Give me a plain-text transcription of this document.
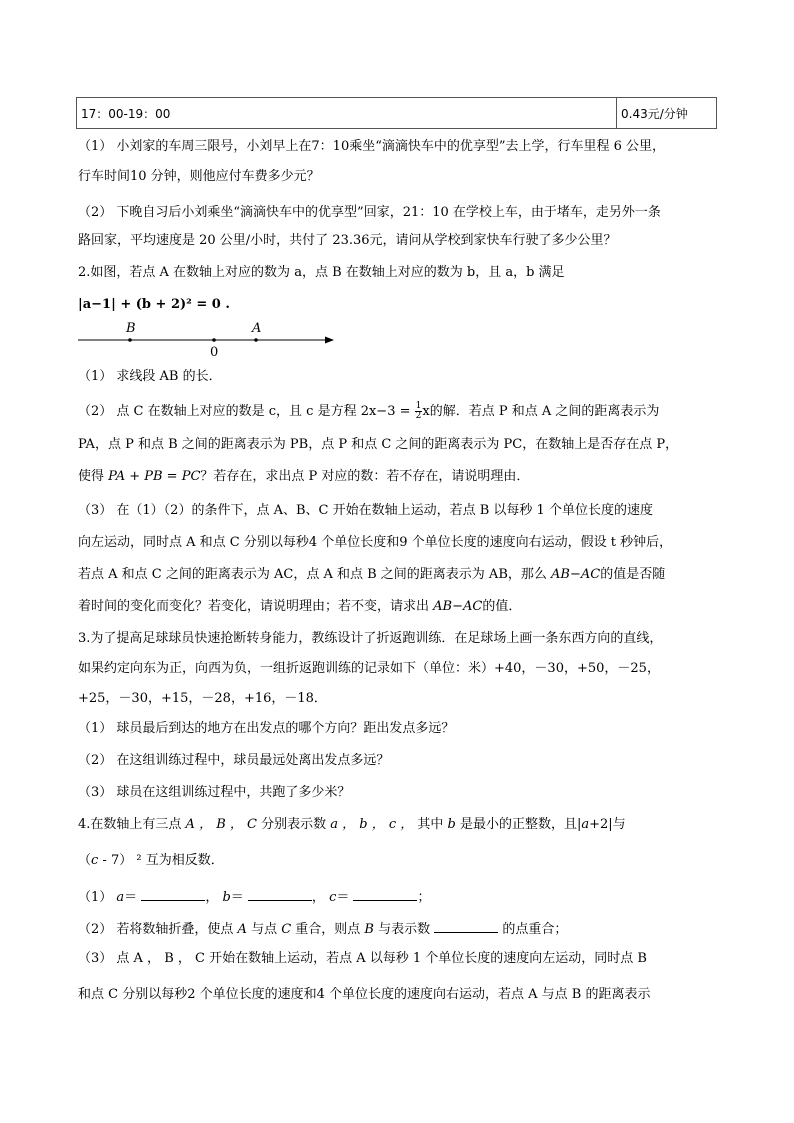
17：00-19：00	0.43元/分钟
（1） 小刘家的车周三限号，小刘早上在7：10乘坐“滴滴快车中的优享型”去上学，行车里程 6 公里，
行车时间10 分钟，则他应付车费多少元？
（2） 下晚自习后小刘乘坐“滴滴快车中的优享型”回家，21：10 在学校上车，由于堵车，走另外一条
路回家，平均速度是 20 公里/小时，共付了 23.36元，请问从学校到家快车行驶了多少公里？
2.如图，若点 A 在数轴上对应的数为 a，点 B 在数轴上对应的数为 b，且 a，b 满足
|a−1| + (b + 2)² = 0 .
B	A
0
（1） 求线段 AB 的长．
（2） 点 C 在数轴上对应的数是 c，且 c 是方程 $2x-3 = \frac{1}{2}$ x的解．若点 P 和点 A 之间的距离表示为
PA，点 P 和点 B 之间的距离表示为 PB，点 P 和点 C 之间的距离表示为 PC，在数轴上是否存在点 P，
使得 PA + PB = PC？若存在，求出点 P 对应的数：若不存在，请说明理由．
（3） 在（1）（2）的条件下，点 A、B、C 开始在数轴上运动，若点 B 以每秒 1 个单位长度的速度
向左运动，同时点 A 和点 C 分别以每秒4 个单位长度和9 个单位长度的速度向右运动，假设 t 秒钟后，
若点 A 和点 C 之间的距离表示为 AC，点 A 和点 B 之间的距离表示为 AB，那么 AB−AC的值是否随
着时间的变化而变化？若变化，请说明理由；若不变，请求出 AB−AC的值．
3.为了提高足球球员快速抢断转身能力，教练设计了折返跑训练．在足球场上画一条东西方向的直线，
如果约定向东为正，向西为负，一组折返跑训练的记录如下（单位：米）+40，－30，+50，－25，
+25，－30，+15，－28，+16，－18．
（1） 球员最后到达的地方在出发点的哪个方向？距出发点多远？
（2） 在这组训练过程中，球员最远处离出发点多远？
（3） 球员在这组训练过程中，共跑了多少米？
4.在数轴上有三点 A ， B ， C 分别表示数 a ， b ， c ， 其中 b 是最小的正整数，且|a+2|与
（c - 7） ² 互为相反数．
（1） a＝	， b＝	， c＝	；
（2） 若将数轴折叠，使点 A 与点 C 重合，则点 B 与表示数	的点重合；
（3） 点 A ， B ， C 开始在数轴上运动，若点 A 以每秒 1 个单位长度的速度向左运动，同时点 B
和点 C 分别以每秒2 个单位长度的速度和4 个单位长度的速度向右运动，若点 A 与点 B 的距离表示
